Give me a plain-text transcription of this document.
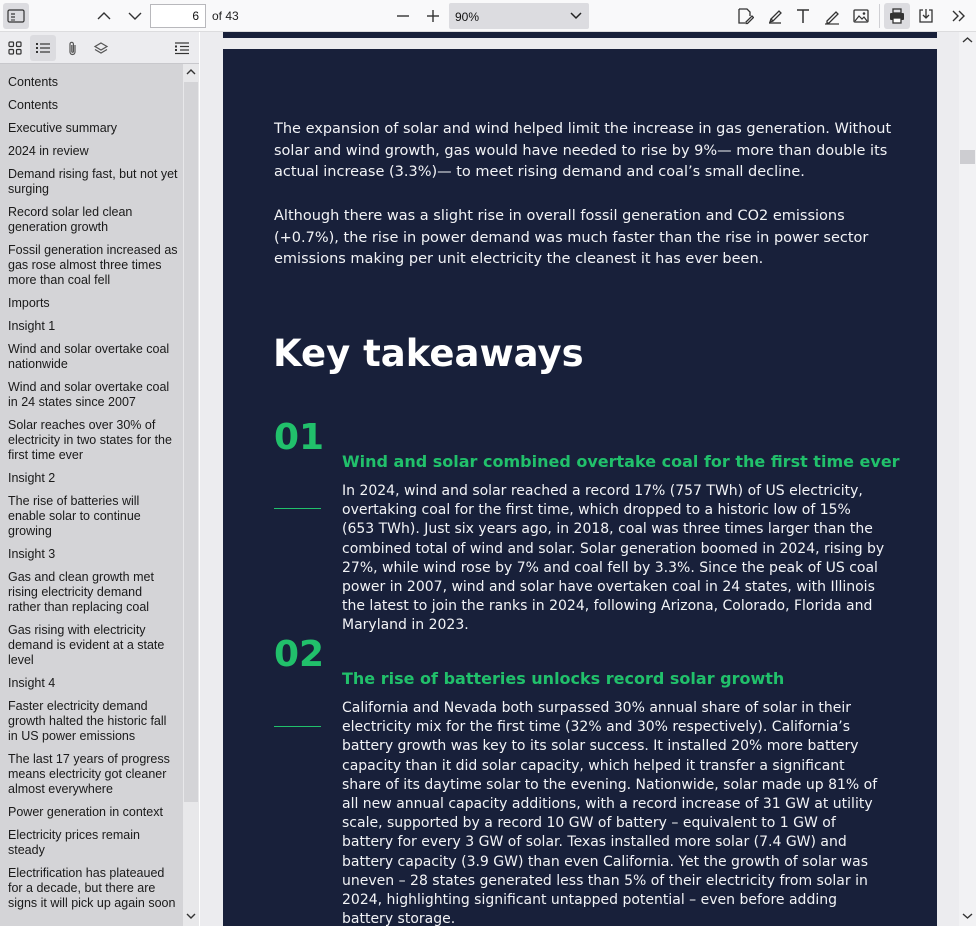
6
of 43	90%
Contents
Contents
Executive summary
2024 in review
Demand rising fast, but not yet surging
Record solar led clean generation growth
Fossil generation increased as gas rose almost three times more than coal fell
Imports
Insight 1
Wind and solar overtake coal nationwide
Wind and solar overtake coal in 24 states since 2007
Solar reaches over 30% of electricity in two states for the first time ever
Insight 2
The rise of batteries will enable solar to continue growing
Insight 3
Gas and clean growth met rising electricity demand rather than replacing coal
Gas rising with electricity demand is evident at a state level
Insight 4
Faster electricity demand growth halted the historic fall in US power emissions
The last 17 years of progress means electricity got cleaner almost everywhere
Power generation in context
Electricity prices remain steady
Electrification has plateaued for a decade, but there are signs it will pick up again soon

The expansion of solar and wind helped limit the increase in gas generation. Without solar and wind growth, gas would have needed to rise by 9%— more than double its actual increase (3.3%)— to meet rising demand and coal’s small decline.

Although there was a slight rise in overall fossil generation and CO2 emissions (+0.7%), the rise in power demand was much faster than the rise in power sector emissions making per unit electricity the cleanest it has ever been.

Key takeaways
01
Wind and solar combined overtake coal for the first time ever

In 2024, wind and solar reached a record 17% (757 TWh) of US electricity, overtaking coal for the first time, which dropped to a historic low of 15% (653 TWh). Just six years ago, in 2018, coal was three times larger than the combined total of wind and solar. Solar generation boomed in 2024, rising by 27%, while wind rose by 7% and coal fell by 3.3%. Since the peak of US coal power in 2007, wind and solar have overtaken coal in 24 states, with Illinois the latest to join the ranks in 2024, following Arizona, Colorado, Florida and Maryland in 2023.

02
The rise of batteries unlocks record solar growth

California and Nevada both surpassed 30% annual share of solar in their electricity mix for the first time (32% and 30% respectively). California’s battery growth was key to its solar success. It installed 20% more battery capacity than it did solar capacity, which helped it transfer a significant share of its daytime solar to the evening. Nationwide, solar made up 81% of all new annual capacity additions, with a record increase of 31 GW at utility scale, supported by a record 10 GW of battery – equivalent to 1 GW of battery for every 3 GW of solar. Texas installed more solar (7.4 GW) and battery capacity (3.9 GW) than even California. Yet the growth of solar was uneven – 28 states generated less than 5% of their electricity from solar in 2024, highlighting significant untapped potential – even before adding battery storage.
